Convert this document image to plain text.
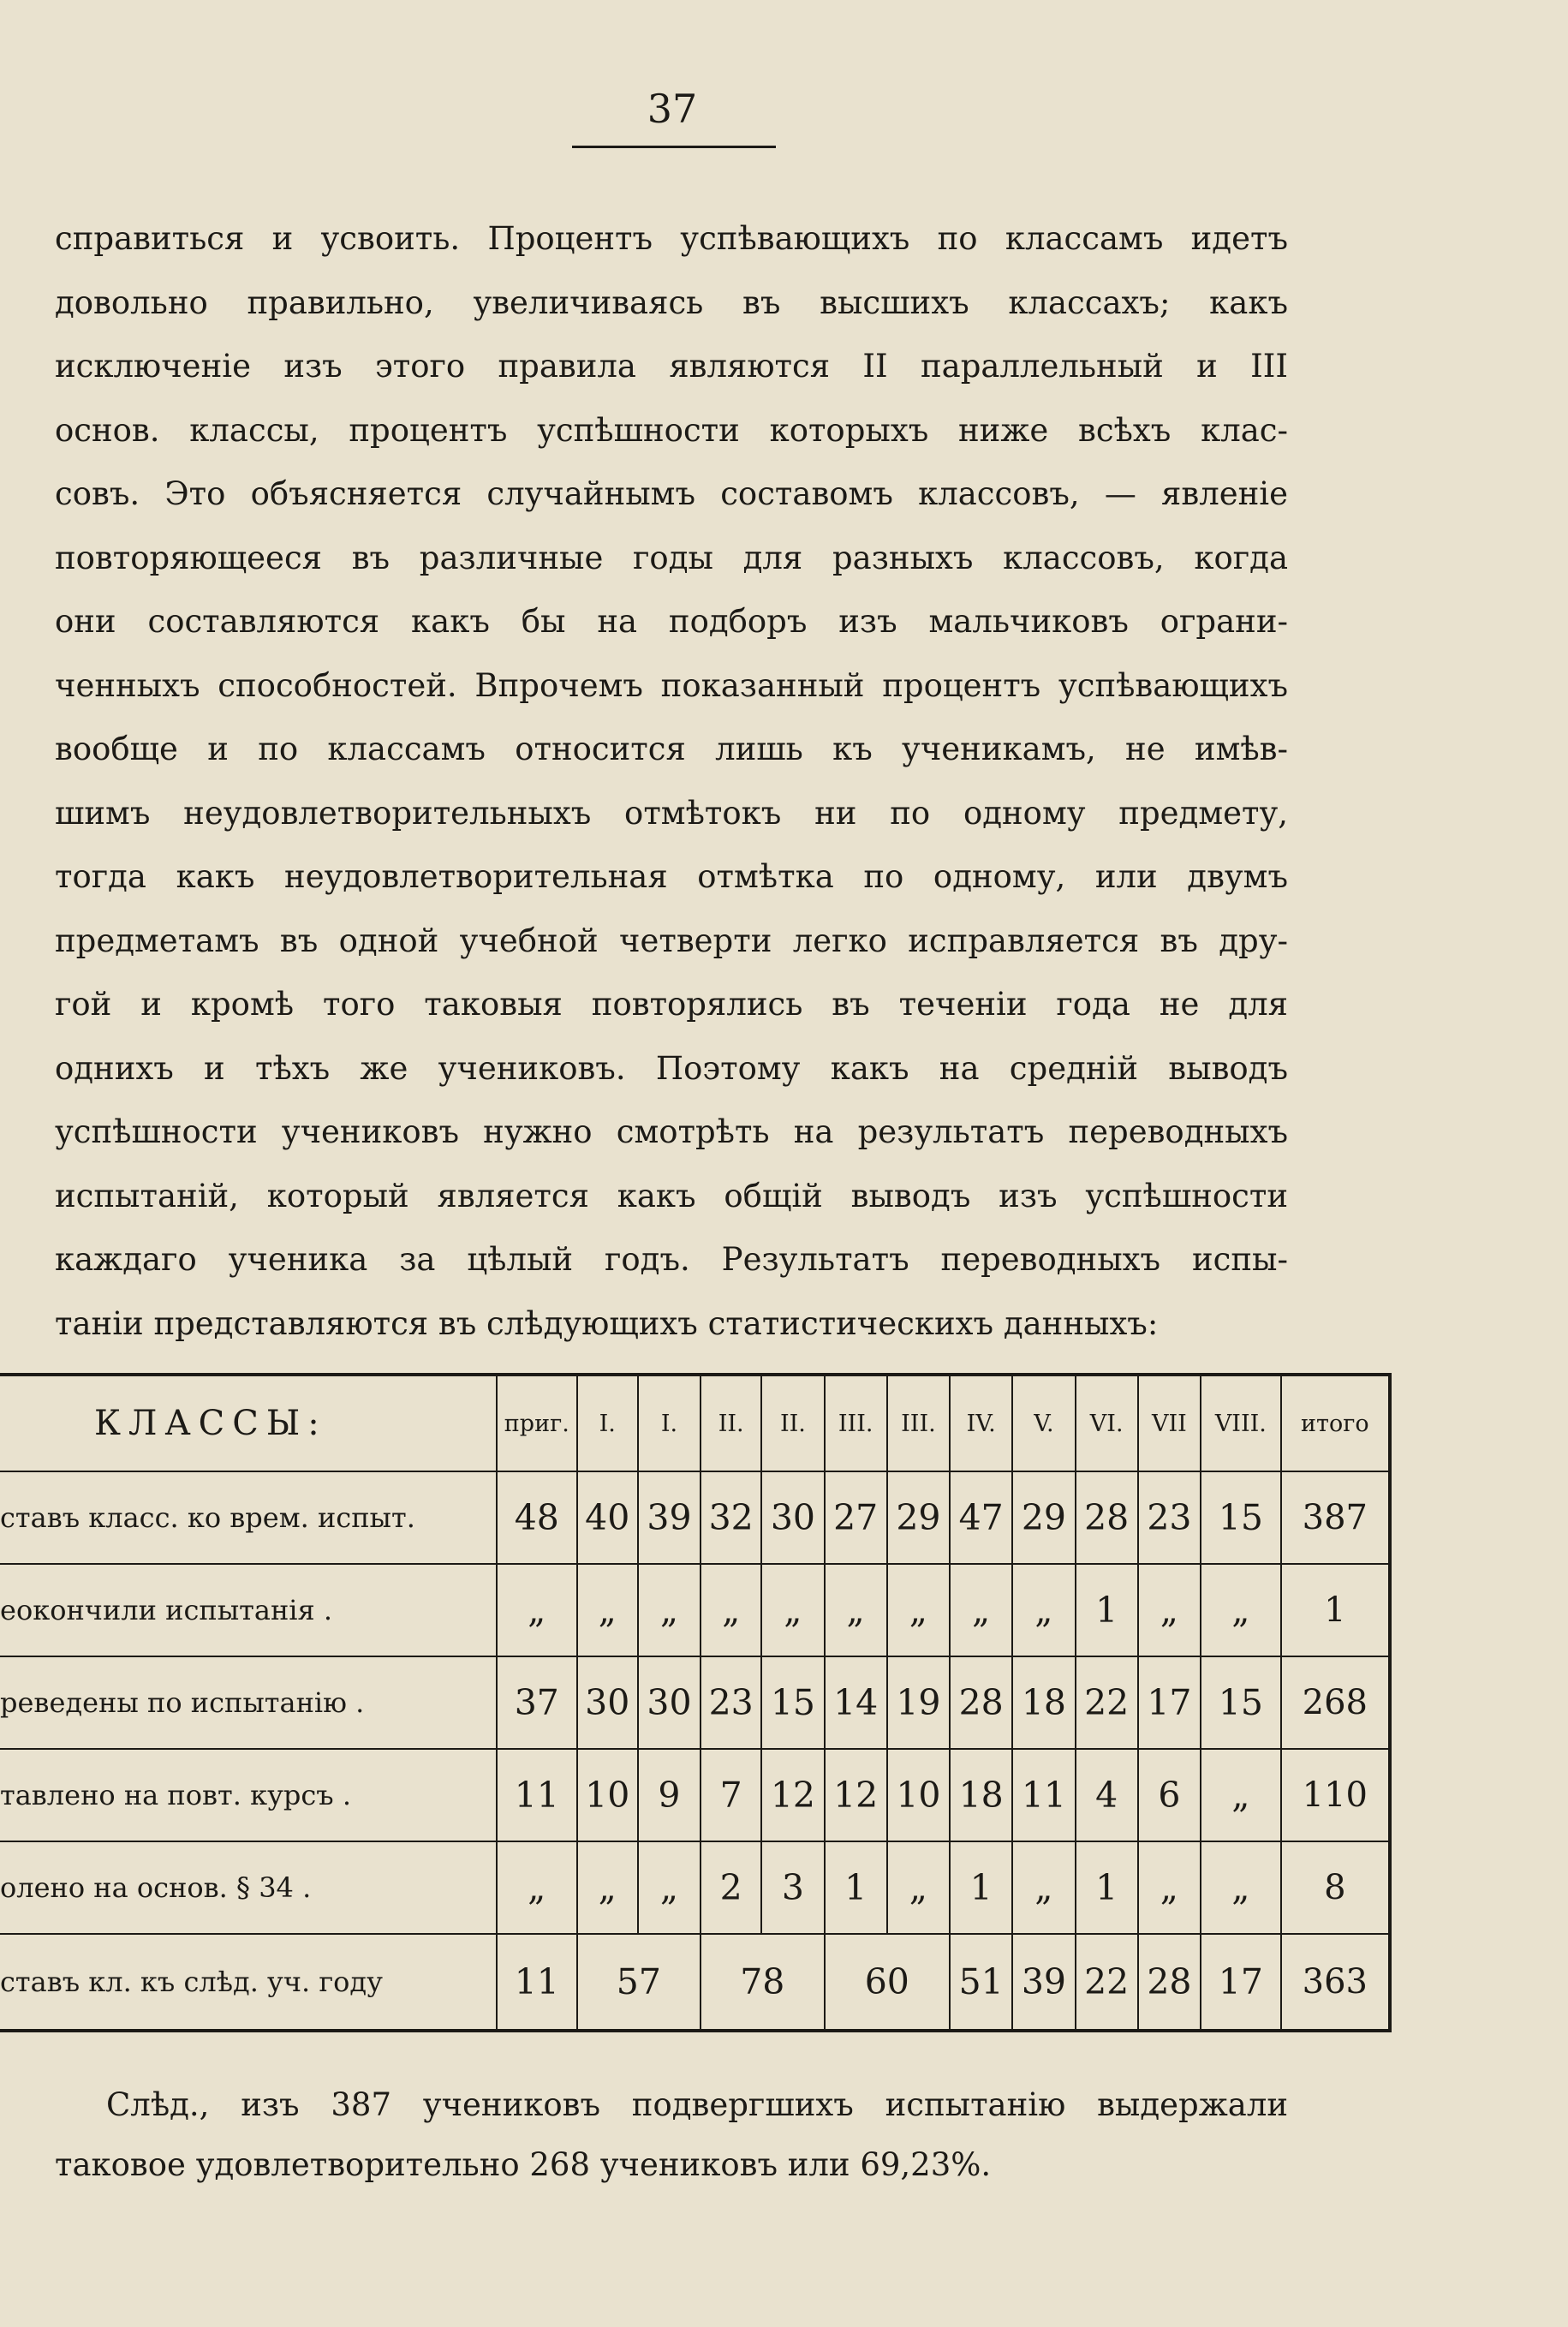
37

справиться и усвоить. Процентъ успѣвающихъ по классамъ идетъ
довольно правильно, увеличиваясь въ высшихъ классахъ; какъ
исключеніе изъ этого правила являются II параллельный и III
основ. классы, процентъ успѣшности которыхъ ниже всѣхъ клас-
совъ. Это объясняется случайнымъ составомъ классовъ, — явленіе
повторяющееся въ различные годы для разныхъ классовъ, когда
они составляются какъ бы на подборъ изъ мальчиковъ ограни-
ченныхъ способностей. Впрочемъ показанный процентъ успѣвающихъ
вообще и по классамъ относится лишь къ ученикамъ, не имѣв-
шимъ неудовлетворительныхъ отмѣтокъ ни по одному предмету,
тогда какъ неудовлетворительная отмѣтка по одному, или двумъ
предметамъ въ одной учебной четверти легко исправляется въ дру-
гой и кромѣ того таковыя повторялись въ теченіи года не для
однихъ и тѣхъ же учениковъ. Поэтому какъ на средній выводъ
успѣшности учениковъ нужно смотрѣть на результатъ переводныхъ
испытаній, который является какъ общій выводъ изъ успѣшности
каждаго ученика за цѣлый годъ. Результатъ переводныхъ испы-
таніи представляются въ слѣдующихъ статистическихъ данныхъ:

КЛАССЫ:	приг.	I.	I.	II.	II.	III.	III.	IV.	V.	VI.	VII	VIII.	итого
ставъ класс. ко врем. испыт.	48	40	39	32	30	27	29	47	29	28	23	15	387
еокончили испытанія .	„	„	„	„	„	„	„	„	„	1	„	„	1
реведены по испытанію .	37	30	30	23	15	14	19	28	18	22	17	15	268
тавлено на повт. курсъ .	11	10	9	7	12	12	10	18	11	4	6	„	110
олено на основ. § 34 .	„	„	„	2	3	1	„	1	„	1	„	„	8
ставъ кл. къ слѣд. уч. году	11	57		78		60		51	39	22	28	17	363

Слѣд., изъ 387 учениковъ подвергшихъ испытанію выдержали
таковое удовлетворительно 268 учениковъ или 69,23%.
